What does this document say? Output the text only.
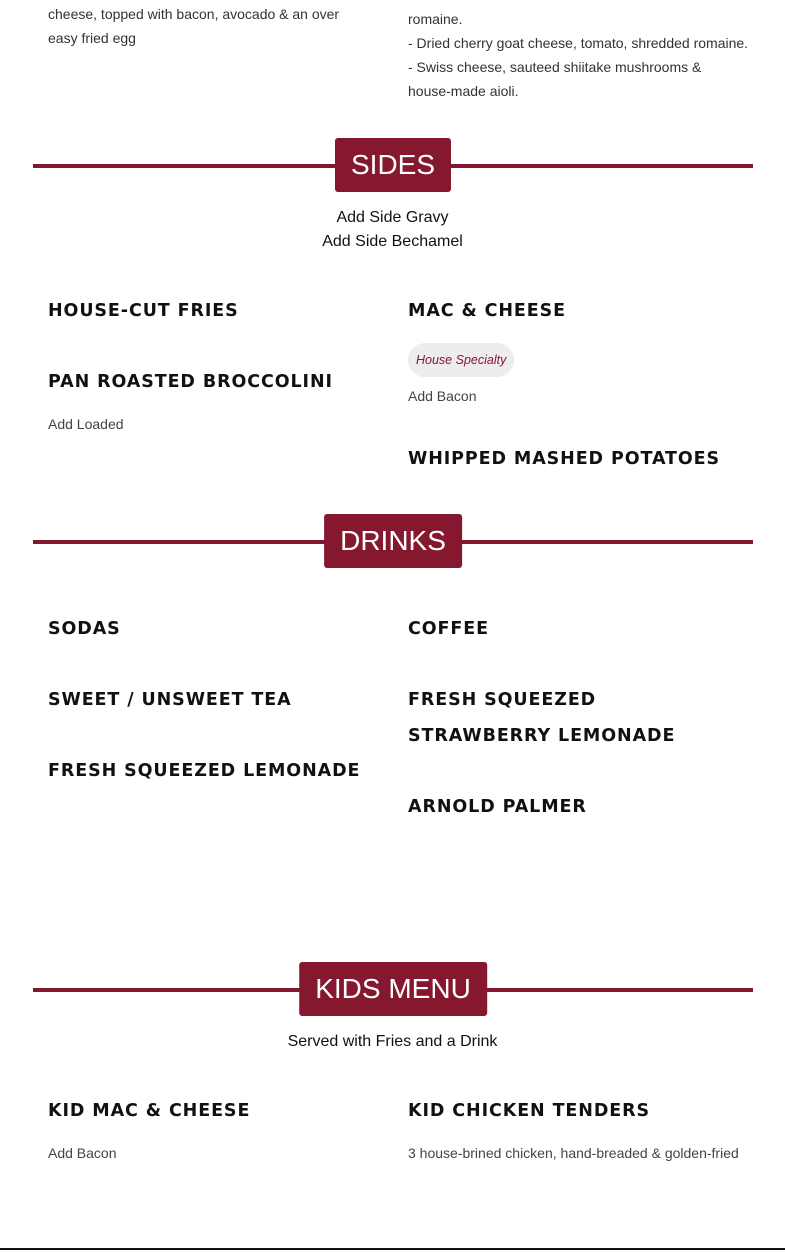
cheese, topped with bacon, avocado & an over easy fried egg
romaine.
- Dried cherry goat cheese, tomato, shredded romaine.
- Swiss cheese, sauteed shiitake mushrooms & house-made aioli.
SIDES
Add Side Gravy
Add Side Bechamel
HOUSE-CUT FRIES
PAN ROASTED BROCCOLINI
Add Loaded
MAC & CHEESE
House Specialty
Add Bacon
WHIPPED MASHED POTATOES
DRINKS
SODAS
SWEET / UNSWEET TEA
FRESH SQUEEZED LEMONADE
COFFEE
FRESH SQUEEZED STRAWBERRY LEMONADE
ARNOLD PALMER
KIDS MENU
Served with Fries and a Drink
KID MAC & CHEESE
Add Bacon
KID CHICKEN TENDERS
3 house-brined chicken, hand-breaded & golden-fried
